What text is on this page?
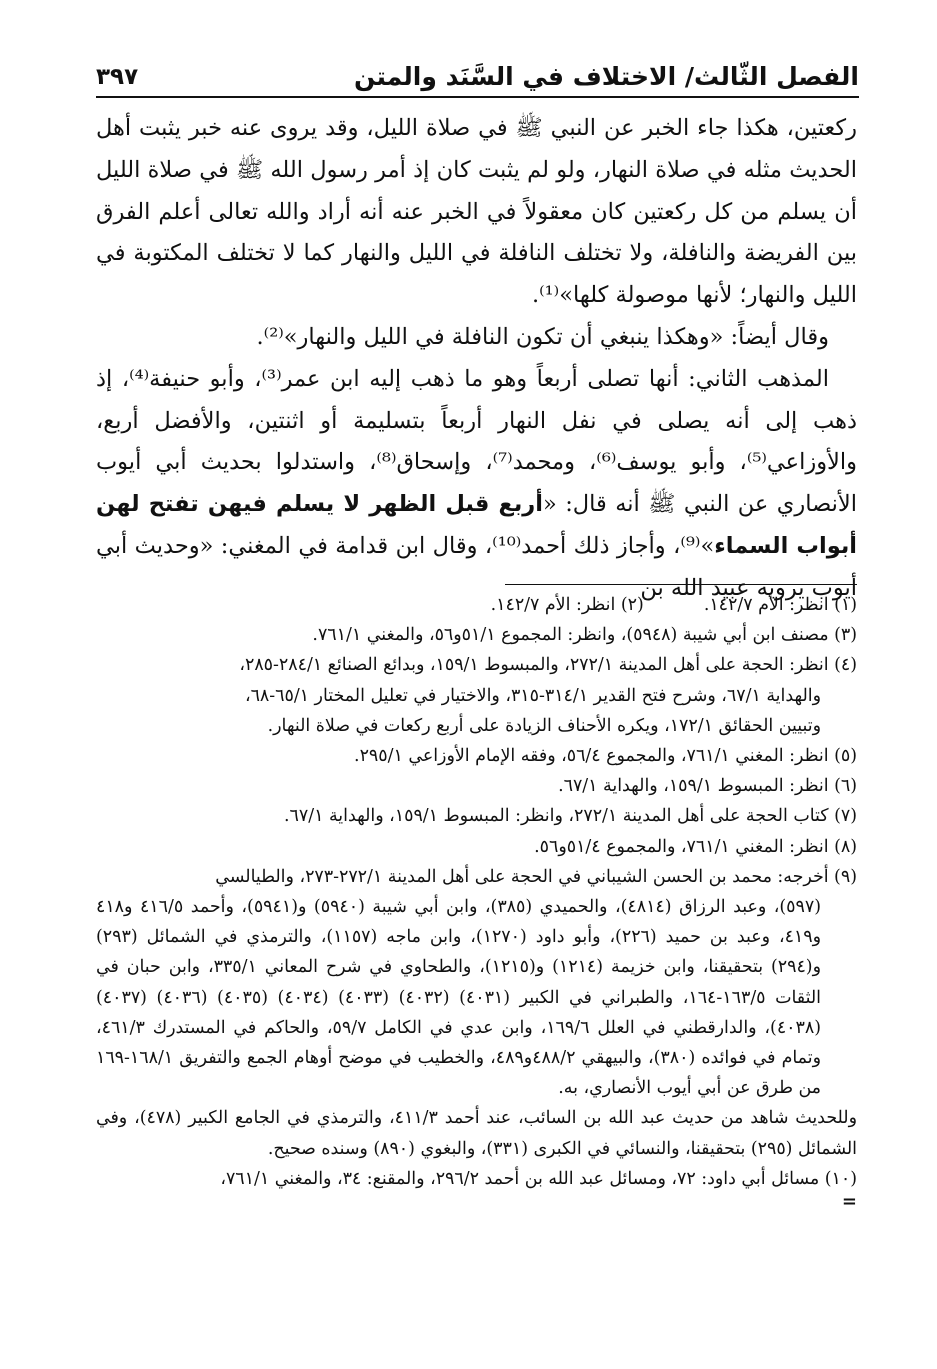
الفصل الثّالث/ الاختلاف في السَّنَد والمتن
٣٩٧

ركعتين، هكذا جاء الخبر عن النبي ﷺ في صلاة الليل، وقد يروى عنه خبر يثبت أهل الحديث مثله في صلاة النهار، ولو لم يثبت كان إذ أمر رسول الله ﷺ في صلاة الليل أن يسلم من كل ركعتين كان معقولاً في الخبر عنه أنه أراد والله تعالى أعلم الفرق بين الفريضة والنافلة، ولا تختلف النافلة في الليل والنهار كما لا تختلف المكتوبة في الليل والنهار؛ لأنها موصولة كلها»⁽¹⁾.

وقال أيضاً: «وهكذا ينبغي أن تكون النافلة في الليل والنهار»⁽²⁾.

المذهب الثاني: أنها تصلى أربعاً وهو ما ذهب إليه ابن عمر⁽³⁾، وأبو حنيفة⁽⁴⁾، إذ ذهب إلى أنه يصلى في نفل النهار أربعاً بتسليمة أو اثنتين، والأفضل أربع، والأوزاعي⁽⁵⁾، وأبو يوسف⁽⁶⁾، ومحمد⁽⁷⁾، وإسحاق⁽⁸⁾، واستدلوا بحديث أبي أيوب الأنصاري عن النبي ﷺ أنه قال: «أربع قبل الظهر لا يسلم فيهن تفتح لهن أبواب السماء»⁽⁹⁾، وأجاز ذلك أحمد⁽¹⁰⁾، وقال ابن قدامة في المغني: «وحديث أبي أيوب يرويه عبيد الله بن

(١) انظر: الأم ١٤٢/٧.
(٢) انظر: الأم ١٤٢/٧.

(٣) مصنف ابن أبي شيبة (٥٩٤٨)، وانظر: المجموع ٥١/١و٥٦، والمغني ٧٦١/١.

(٤) انظر: الحجة على أهل المدينة ٢٧٢/١، والمبسوط ١٥٩/١، وبدائع الصنائع ٢٨٤/١-٢٨٥،

والهداية ٦٧/١، وشرح فتح القدير ٣١٤/١-٣١٥، والاختيار في تعليل المختار ٦٥/١-٦٨،

وتبيين الحقائق ١٧٢/١، ويكره الأحناف الزيادة على أربع ركعات في صلاة النهار.

(٥) انظر: المغني ٧٦١/١، والمجموع ٥٦/٤، وفقه الإمام الأوزاعي ٢٩٥/١.

(٦) انظر: المبسوط ١٥٩/١، والهداية ٦٧/١.

(٧) كتاب الحجة على أهل المدينة ٢٧٢/١، وانظر: المبسوط ١٥٩/١، والهداية ٦٧/١.

(٨) انظر: المغني ٧٦١/١، والمجموع ٥١/٤و٥٦.

(٩) أخرجه: محمد بن الحسن الشيباني في الحجة على أهل المدينة ٢٧٢/١-٢٧٣، والطيالسي

(٥٩٧)، وعبد الرزاق (٤٨١٤)، والحميدي (٣٨٥)، وابن أبي شيبة (٥٩٤٠) و(٥٩٤١)، وأحمد ٤١٦/٥ و٤١٨ و٤١٩، وعبد بن حميد (٢٢٦)، وأبو داود (١٢٧٠)، وابن ماجه (١١٥٧)، والترمذي في الشمائل (٢٩٣) و(٢٩٤) بتحقيقنا، وابن خزيمة (١٢١٤) و(١٢١٥)، والطحاوي في شرح المعاني ٣٣٥/١، وابن حبان في الثقات ١٦٣/٥-١٦٤، والطبراني في الكبير (٤٠٣١) (٤٠٣٢) (٤٠٣٣) (٤٠٣٤) (٤٠٣٥) (٤٠٣٦) (٤٠٣٧) (٤٠٣٨)، والدارقطني في العلل ١٦٩/٦، وابن عدي في الكامل ٥٩/٧، والحاكم في المستدرك ٤٦١/٣، وتمام في فوائده (٣٨٠)، والبيهقي ٤٨٨/٢و٤٨٩، والخطيب في موضح أوهام الجمع والتفريق ١٦٨/١-١٦٩ من طرق عن أبي أيوب الأنصاري، به.

وللحديث شاهد من حديث عبد الله بن السائب، عند أحمد ٤١١/٣، والترمذي في الجامع الكبير (٤٧٨)، وفي الشمائل (٢٩٥) بتحقيقنا، والنسائي في الكبرى (٣٣١)، والبغوي (٨٩٠) وسنده صحيح.

(١٠) مسائل أبي داود: ٧٢، ومسائل عبد الله بن أحمد ٢٩٦/٢، والمقنع: ٣٤، والمغني ٧٦١/١،

=
